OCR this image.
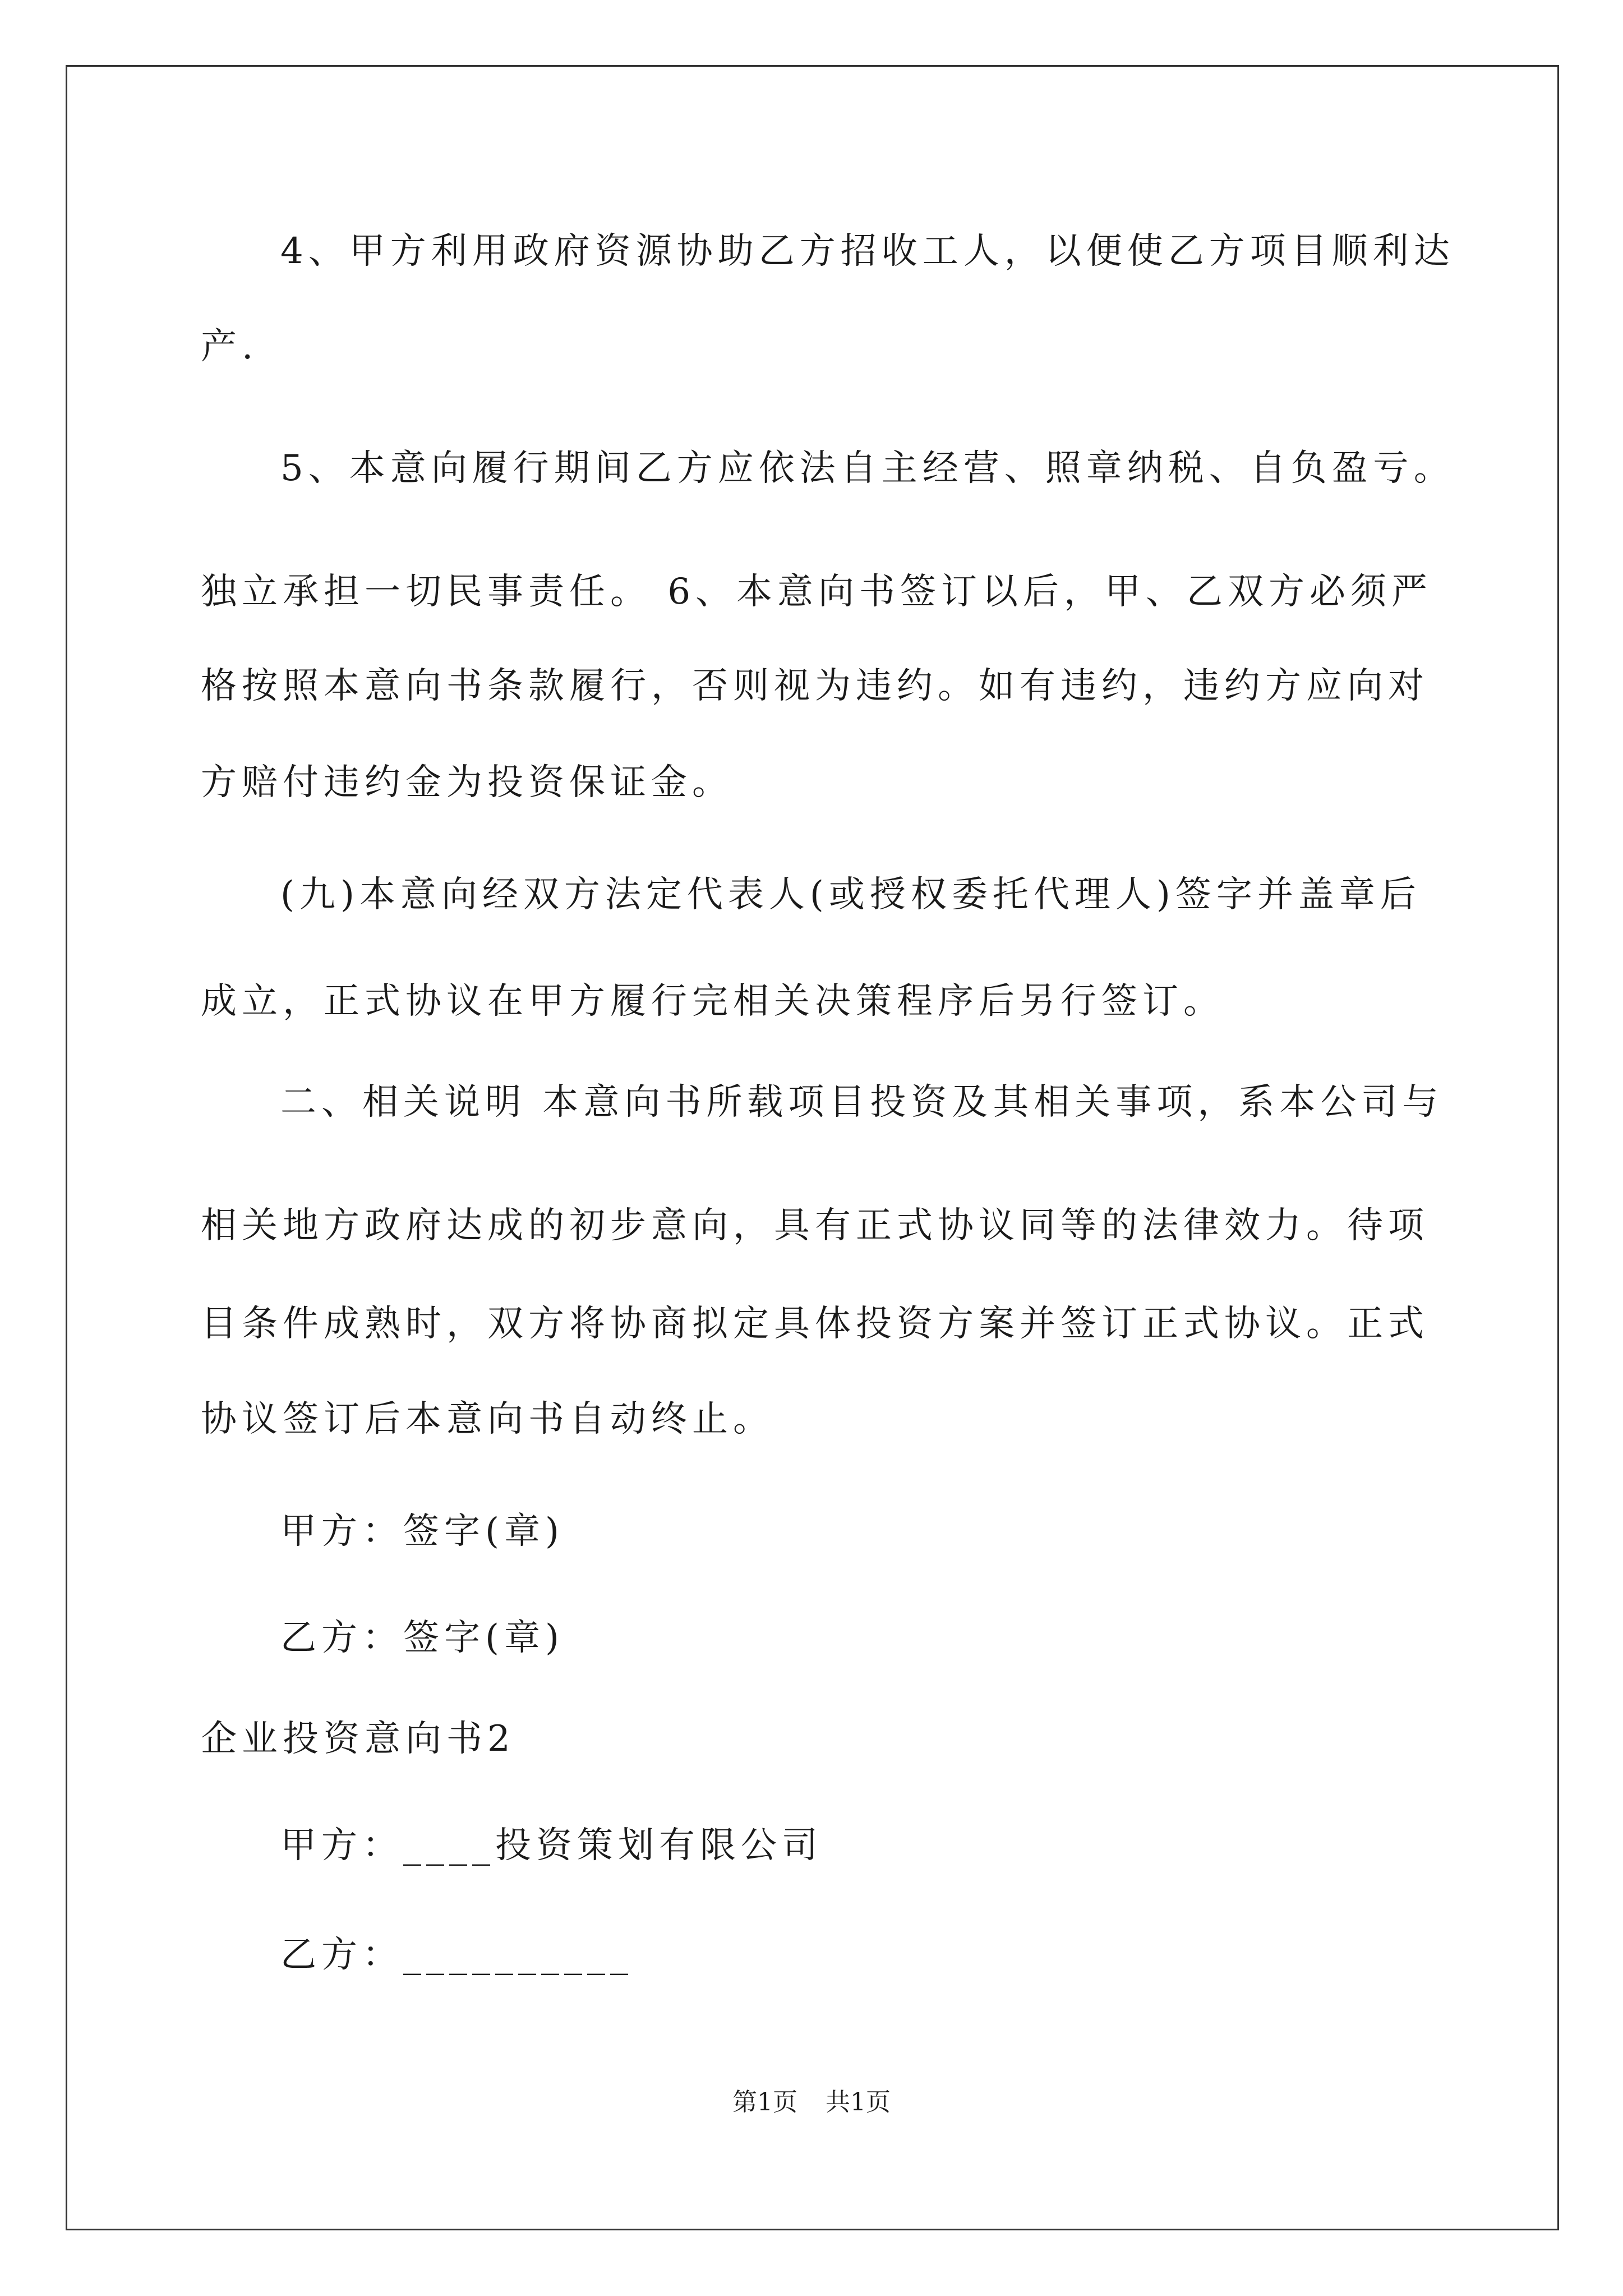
4、甲方利用政府资源协助乙方招收工人，以便使乙方项目顺利达
产.
5、本意向履行期间乙方应依法自主经营、照章纳税、自负盈亏。
独立承担一切民事责任。 6、本意向书签订以后，甲、乙双方必须严
格按照本意向书条款履行，否则视为违约。如有违约，违约方应向对
方赔付违约金为投资保证金。
(九)本意向经双方法定代表人(或授权委托代理人)签字并盖章后
成立，正式协议在甲方履行完相关决策程序后另行签订。
二、相关说明 本意向书所载项目投资及其相关事项，系本公司与
相关地方政府达成的初步意向，具有正式协议同等的法律效力。待项
目条件成熟时，双方将协商拟定具体投资方案并签订正式协议。正式
协议签订后本意向书自动终止。
甲方：签字(章)
乙方：签字(章)
企业投资意向书2
甲方：____投资策划有限公司
乙方：__________
第1页 共1页
